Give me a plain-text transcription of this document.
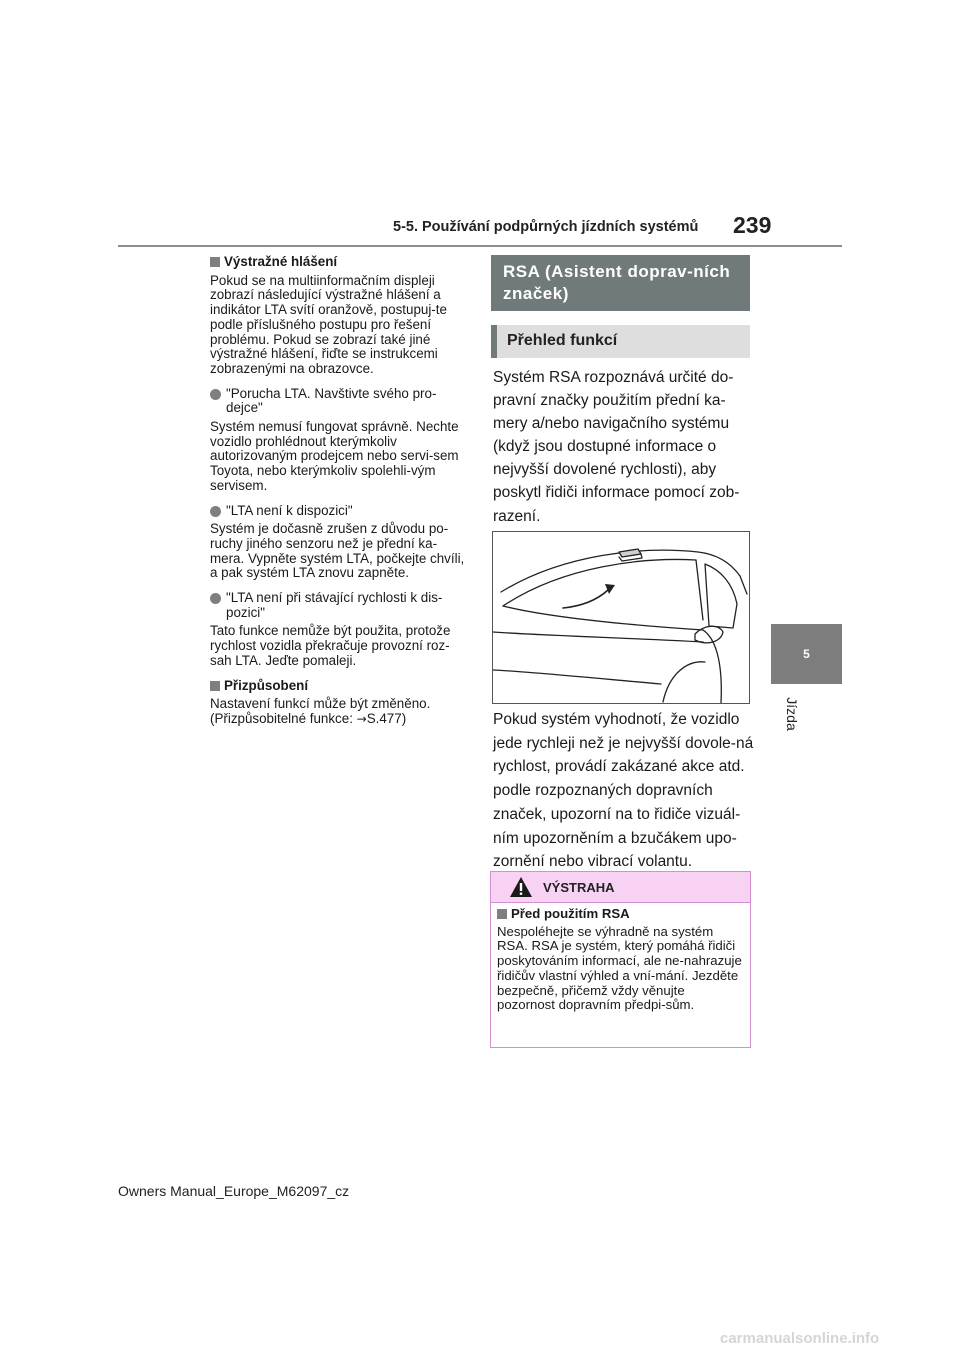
5-5. Používání podpůrných jízdních systémů 239
5
Jízda
Výstražné hlášení

Pokud se na multiinformačním displeji zobrazí následující výstražné hlášení a indikátor LTA svítí oranžově, postupuj-te podle příslušného postupu pro řešení problému. Pokud se zobrazí také jiné výstražné hlášení, řiďte se instrukcemi zobrazenými na obrazovce.

"Porucha LTA. Navštivte svého pro-dejce"

Systém nemusí fungovat správně. Nechte vozidlo prohlédnout kterýmkoliv autorizovaným prodejcem nebo servi-sem Toyota, nebo kterýmkoliv spolehli-vým servisem.

"LTA není k dispozici"

Systém je dočasně zrušen z důvodu po-ruchy jiného senzoru než je přední ka-mera. Vypněte systém LTA, počkejte chvíli, a pak systém LTA znovu zapněte.

"LTA není při stávající rychlosti k dis-pozici"

Tato funkce nemůže být použita, protože rychlost vozidla překračuje provozní roz-sah LTA. Jeďte pomaleji.

Přizpůsobení

Nastavení funkcí může být změněno.
(Přizpůsobitelné funkce: →S.477)

RSA (Asistent doprav-ních značek)
Přehled funkcí
Systém RSA rozpoznává určité do-pravní značky použitím přední ka-mery a/nebo navigačního systému (když jsou dostupné informace o nejvyšší dovolené rychlosti), aby poskytl řidiči informace pomocí zob-razení.
Pokud systém vyhodnotí, že vozidlo jede rychleji než je nejvyšší dovole-ná rychlost, provádí zakázané akce atd. podle rozpoznaných dopravních značek, upozorní na to řidiče vizuál-ním upozorněním a bzučákem upo-zornění nebo vibrací volantu.
VÝSTRAHA
Před použitím RSA
Nespoléhejte se výhradně na systém RSA. RSA je systém, který pomáhá řidiči poskytováním informací, ale ne-nahrazuje řidičův vlastní výhled a vní-mání. Jezděte bezpečně, přičemž vždy věnujte pozornost dopravním předpi-sům.
Owners Manual_Europe_M62097_cz
carmanualsonline.info
